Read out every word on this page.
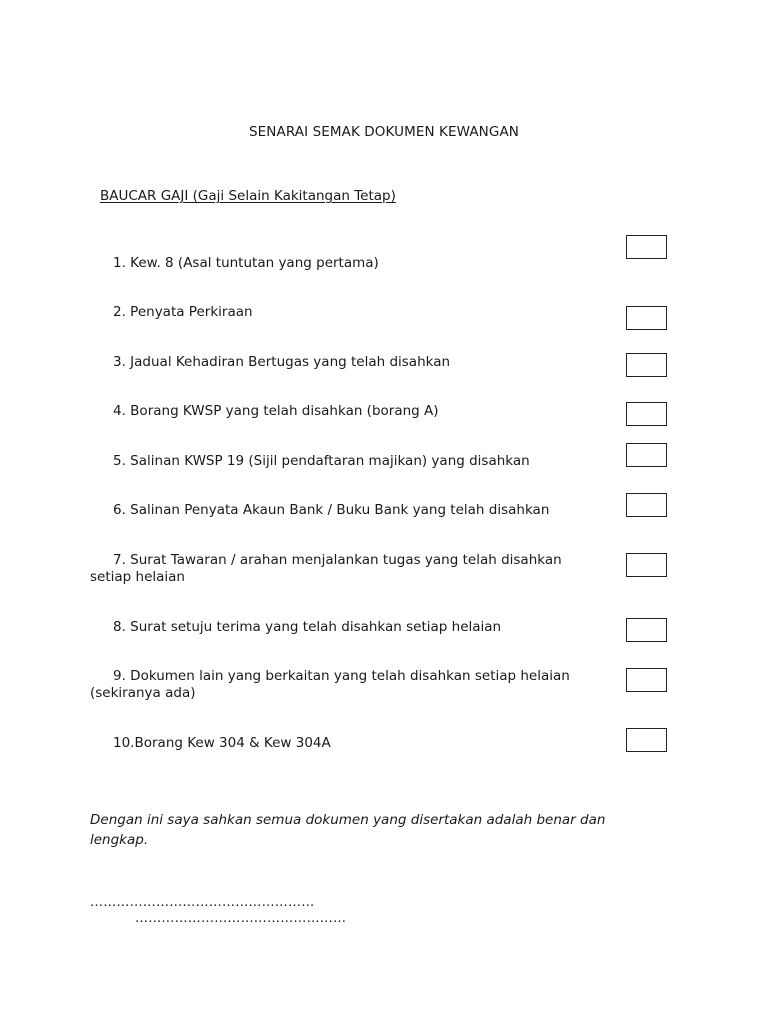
SENARAI SEMAK DOKUMEN KEWANGAN
BAUCAR GAJI (Gaji Selain Kakitangan Tetap)
1. Kew. 8 (Asal tuntutan yang pertama)
2. Penyata Perkiraan
3. Jadual Kehadiran Bertugas yang telah disahkan
4. Borang KWSP yang telah disahkan (borang A)
5. Salinan KWSP 19 (Sijil pendaftaran majikan) yang disahkan
6. Salinan Penyata Akaun Bank / Buku Bank yang telah disahkan
7. Surat Tawaran / arahan menjalankan tugas yang telah disahkan setiap helaian
8. Surat setuju terima yang telah disahkan setiap helaian
9. Dokumen lain yang berkaitan yang telah disahkan setiap helaian (sekiranya ada)
10.Borang Kew 304 & Kew 304A
Dengan ini saya sahkan semua dokumen yang disertakan adalah benar dan lengkap.
……………………………………………
…………………………………………
